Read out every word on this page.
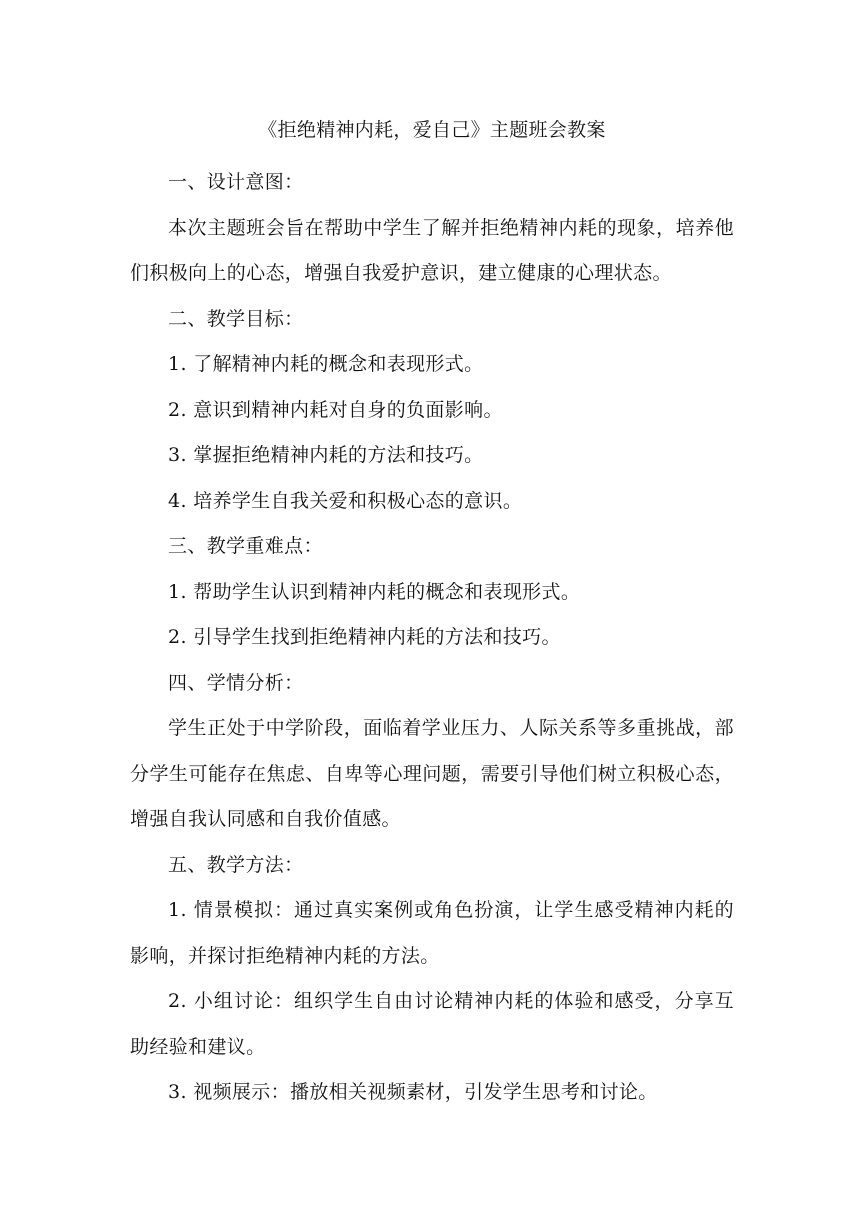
《拒绝精神内耗，爱自己》主题班会教案

一、设计意图：

本次主题班会旨在帮助中学生了解并拒绝精神内耗的现象，培养他们积极向上的心态，增强自我爱护意识，建立健康的心理状态。

二、教学目标：

1. 了解精神内耗的概念和表现形式。

2. 意识到精神内耗对自身的负面影响。

3. 掌握拒绝精神内耗的方法和技巧。

4. 培养学生自我关爱和积极心态的意识。

三、教学重难点：

1. 帮助学生认识到精神内耗的概念和表现形式。

2. 引导学生找到拒绝精神内耗的方法和技巧。

四、学情分析：

学生正处于中学阶段，面临着学业压力、人际关系等多重挑战，部分学生可能存在焦虑、自卑等心理问题，需要引导他们树立积极心态，增强自我认同感和自我价值感。

五、教学方法：

1. 情景模拟：通过真实案例或角色扮演，让学生感受精神内耗的影响，并探讨拒绝精神内耗的方法。

2. 小组讨论：组织学生自由讨论精神内耗的体验和感受，分享互助经验和建议。

3. 视频展示：播放相关视频素材，引发学生思考和讨论。
